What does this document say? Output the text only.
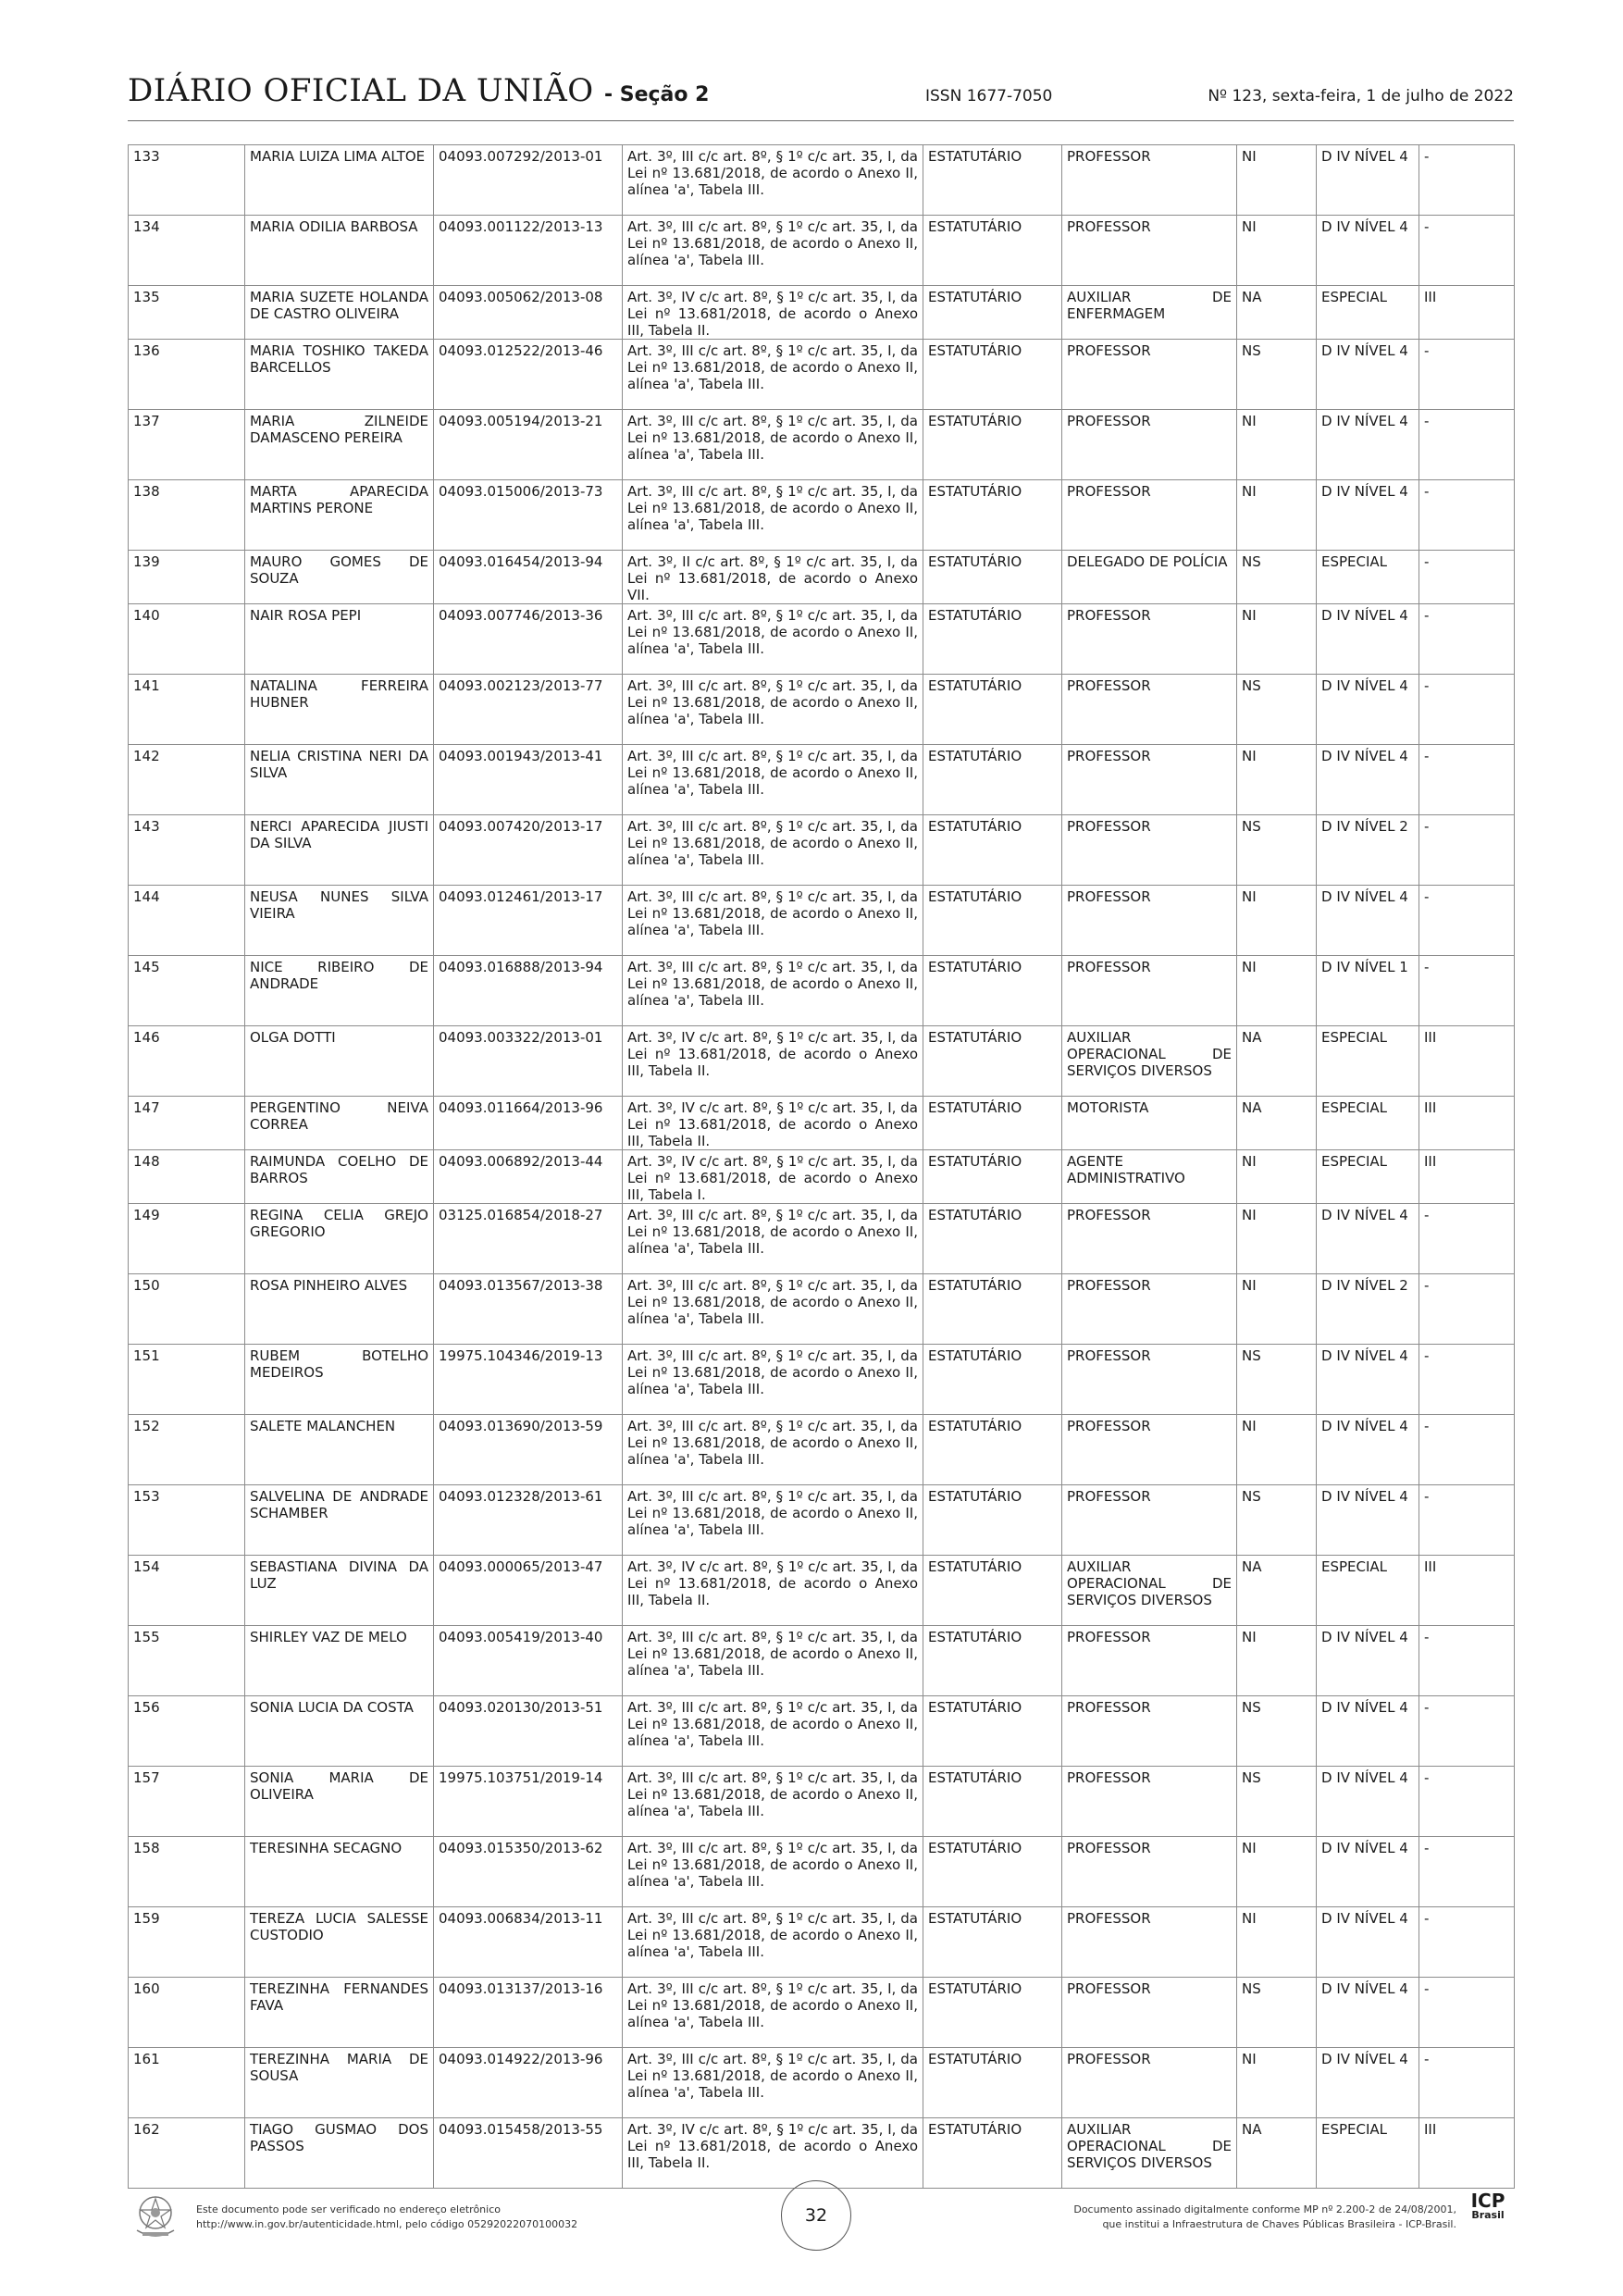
DIÁRIO OFICIAL DA UNIÃO - Seção 2	ISSN 1677-7050	Nº 123, sexta-feira, 1 de julho de 2022
133	MARIA LUIZA LIMA ALTOE	04093.007292/2013-01	Art. 3º, III c/c art. 8º, § 1º c/c art. 35, I, da Lei nº 13.681/2018, de acordo o Anexo II, alínea 'a', Tabela III.	ESTATUTÁRIO	PROFESSOR	NI	D IV NÍVEL 4	-
134	MARIA ODILIA BARBOSA	04093.001122/2013-13	Art. 3º, III c/c art. 8º, § 1º c/c art. 35, I, da Lei nº 13.681/2018, de acordo o Anexo II, alínea 'a', Tabela III.	ESTATUTÁRIO	PROFESSOR	NI	D IV NÍVEL 4	-
135	MARIA SUZETE HOLANDA DE CASTRO OLIVEIRA	04093.005062/2013-08	Art. 3º, IV c/c art. 8º, § 1º c/c art. 35, I, da Lei nº 13.681/2018, de acordo o Anexo III, Tabela II.	ESTATUTÁRIO	AUXILIAR DE ENFERMAGEM	NA	ESPECIAL	III
136	MARIA TOSHIKO TAKEDA BARCELLOS	04093.012522/2013-46	Art. 3º, III c/c art. 8º, § 1º c/c art. 35, I, da Lei nº 13.681/2018, de acordo o Anexo II, alínea 'a', Tabela III.	ESTATUTÁRIO	PROFESSOR	NS	D IV NÍVEL 4	-
137	MARIA ZILNEIDE DAMASCENO PEREIRA	04093.005194/2013-21	Art. 3º, III c/c art. 8º, § 1º c/c art. 35, I, da Lei nº 13.681/2018, de acordo o Anexo II, alínea 'a', Tabela III.	ESTATUTÁRIO	PROFESSOR	NI	D IV NÍVEL 4	-
138	MARTA APARECIDA MARTINS PERONE	04093.015006/2013-73	Art. 3º, III c/c art. 8º, § 1º c/c art. 35, I, da Lei nº 13.681/2018, de acordo o Anexo II, alínea 'a', Tabela III.	ESTATUTÁRIO	PROFESSOR	NI	D IV NÍVEL 4	-
139	MAURO GOMES DE SOUZA	04093.016454/2013-94	Art. 3º, II c/c art. 8º, § 1º c/c art. 35, I, da Lei nº 13.681/2018, de acordo o Anexo VII.	ESTATUTÁRIO	DELEGADO DE POLÍCIA	NS	ESPECIAL	-
140	NAIR ROSA PEPI	04093.007746/2013-36	Art. 3º, III c/c art. 8º, § 1º c/c art. 35, I, da Lei nº 13.681/2018, de acordo o Anexo II, alínea 'a', Tabela III.	ESTATUTÁRIO	PROFESSOR	NI	D IV NÍVEL 4	-
141	NATALINA FERREIRA HUBNER	04093.002123/2013-77	Art. 3º, III c/c art. 8º, § 1º c/c art. 35, I, da Lei nº 13.681/2018, de acordo o Anexo II, alínea 'a', Tabela III.	ESTATUTÁRIO	PROFESSOR	NS	D IV NÍVEL 4	-
142	NELIA CRISTINA NERI DA SILVA	04093.001943/2013-41	Art. 3º, III c/c art. 8º, § 1º c/c art. 35, I, da Lei nº 13.681/2018, de acordo o Anexo II, alínea 'a', Tabela III.	ESTATUTÁRIO	PROFESSOR	NI	D IV NÍVEL 4	-
143	NERCI APARECIDA JIUSTI DA SILVA	04093.007420/2013-17	Art. 3º, III c/c art. 8º, § 1º c/c art. 35, I, da Lei nº 13.681/2018, de acordo o Anexo II, alínea 'a', Tabela III.	ESTATUTÁRIO	PROFESSOR	NS	D IV NÍVEL 2	-
144	NEUSA NUNES SILVA VIEIRA	04093.012461/2013-17	Art. 3º, III c/c art. 8º, § 1º c/c art. 35, I, da Lei nº 13.681/2018, de acordo o Anexo II, alínea 'a', Tabela III.	ESTATUTÁRIO	PROFESSOR	NI	D IV NÍVEL 4	-
145	NICE RIBEIRO DE ANDRADE	04093.016888/2013-94	Art. 3º, III c/c art. 8º, § 1º c/c art. 35, I, da Lei nº 13.681/2018, de acordo o Anexo II, alínea 'a', Tabela III.	ESTATUTÁRIO	PROFESSOR	NI	D IV NÍVEL 1	-
146	OLGA DOTTI	04093.003322/2013-01	Art. 3º, IV c/c art. 8º, § 1º c/c art. 35, I, da Lei nº 13.681/2018, de acordo o Anexo III, Tabela II.	ESTATUTÁRIO	AUXILIAR OPERACIONAL DE SERVIÇOS DIVERSOS	NA	ESPECIAL	III
147	PERGENTINO NEIVA CORREA	04093.011664/2013-96	Art. 3º, IV c/c art. 8º, § 1º c/c art. 35, I, da Lei nº 13.681/2018, de acordo o Anexo III, Tabela II.	ESTATUTÁRIO	MOTORISTA	NA	ESPECIAL	III
148	RAIMUNDA COELHO DE BARROS	04093.006892/2013-44	Art. 3º, IV c/c art. 8º, § 1º c/c art. 35, I, da Lei nº 13.681/2018, de acordo o Anexo III, Tabela I.	ESTATUTÁRIO	AGENTE ADMINISTRATIVO	NI	ESPECIAL	III
149	REGINA CELIA GREJO GREGORIO	03125.016854/2018-27	Art. 3º, III c/c art. 8º, § 1º c/c art. 35, I, da Lei nº 13.681/2018, de acordo o Anexo II, alínea 'a', Tabela III.	ESTATUTÁRIO	PROFESSOR	NI	D IV NÍVEL 4	-
150	ROSA PINHEIRO ALVES	04093.013567/2013-38	Art. 3º, III c/c art. 8º, § 1º c/c art. 35, I, da Lei nº 13.681/2018, de acordo o Anexo II, alínea 'a', Tabela III.	ESTATUTÁRIO	PROFESSOR	NI	D IV NÍVEL 2	-
151	RUBEM BOTELHO MEDEIROS	19975.104346/2019-13	Art. 3º, III c/c art. 8º, § 1º c/c art. 35, I, da Lei nº 13.681/2018, de acordo o Anexo II, alínea 'a', Tabela III.	ESTATUTÁRIO	PROFESSOR	NS	D IV NÍVEL 4	-
152	SALETE MALANCHEN	04093.013690/2013-59	Art. 3º, III c/c art. 8º, § 1º c/c art. 35, I, da Lei nº 13.681/2018, de acordo o Anexo II, alínea 'a', Tabela III.	ESTATUTÁRIO	PROFESSOR	NI	D IV NÍVEL 4	-
153	SALVELINA DE ANDRADE SCHAMBER	04093.012328/2013-61	Art. 3º, III c/c art. 8º, § 1º c/c art. 35, I, da Lei nº 13.681/2018, de acordo o Anexo II, alínea 'a', Tabela III.	ESTATUTÁRIO	PROFESSOR	NS	D IV NÍVEL 4	-
154	SEBASTIANA DIVINA DA LUZ	04093.000065/2013-47	Art. 3º, IV c/c art. 8º, § 1º c/c art. 35, I, da Lei nº 13.681/2018, de acordo o Anexo III, Tabela II.	ESTATUTÁRIO	AUXILIAR OPERACIONAL DE SERVIÇOS DIVERSOS	NA	ESPECIAL	III
155	SHIRLEY VAZ DE MELO	04093.005419/2013-40	Art. 3º, III c/c art. 8º, § 1º c/c art. 35, I, da Lei nº 13.681/2018, de acordo o Anexo II, alínea 'a', Tabela III.	ESTATUTÁRIO	PROFESSOR	NI	D IV NÍVEL 4	-
156	SONIA LUCIA DA COSTA	04093.020130/2013-51	Art. 3º, III c/c art. 8º, § 1º c/c art. 35, I, da Lei nº 13.681/2018, de acordo o Anexo II, alínea 'a', Tabela III.	ESTATUTÁRIO	PROFESSOR	NS	D IV NÍVEL 4	-
157	SONIA MARIA DE OLIVEIRA	19975.103751/2019-14	Art. 3º, III c/c art. 8º, § 1º c/c art. 35, I, da Lei nº 13.681/2018, de acordo o Anexo II, alínea 'a', Tabela III.	ESTATUTÁRIO	PROFESSOR	NS	D IV NÍVEL 4	-
158	TERESINHA SECAGNO	04093.015350/2013-62	Art. 3º, III c/c art. 8º, § 1º c/c art. 35, I, da Lei nº 13.681/2018, de acordo o Anexo II, alínea 'a', Tabela III.	ESTATUTÁRIO	PROFESSOR	NI	D IV NÍVEL 4	-
159	TEREZA LUCIA SALESSE CUSTODIO	04093.006834/2013-11	Art. 3º, III c/c art. 8º, § 1º c/c art. 35, I, da Lei nº 13.681/2018, de acordo o Anexo II, alínea 'a', Tabela III.	ESTATUTÁRIO	PROFESSOR	NI	D IV NÍVEL 4	-
160	TEREZINHA FERNANDES FAVA	04093.013137/2013-16	Art. 3º, III c/c art. 8º, § 1º c/c art. 35, I, da Lei nº 13.681/2018, de acordo o Anexo II, alínea 'a', Tabela III.	ESTATUTÁRIO	PROFESSOR	NS	D IV NÍVEL 4	-
161	TEREZINHA MARIA DE SOUSA	04093.014922/2013-96	Art. 3º, III c/c art. 8º, § 1º c/c art. 35, I, da Lei nº 13.681/2018, de acordo o Anexo II, alínea 'a', Tabela III.	ESTATUTÁRIO	PROFESSOR	NI	D IV NÍVEL 4	-
162	TIAGO GUSMAO DOS PASSOS	04093.015458/2013-55	Art. 3º, IV c/c art. 8º, § 1º c/c art. 35, I, da Lei nº 13.681/2018, de acordo o Anexo III, Tabela II.	ESTATUTÁRIO	AUXILIAR OPERACIONAL DE SERVIÇOS DIVERSOS	NA	ESPECIAL	III
Este documento pode ser verificado no endereço eletrônico
http://www.in.gov.br/autenticidade.html, pelo código 05292022070100032	32	Documento assinado digitalmente conforme MP nº 2.200-2 de 24/08/2001,
que institui a Infraestrutura de Chaves Públicas Brasileira - ICP-Brasil.
ICP
Brasil
